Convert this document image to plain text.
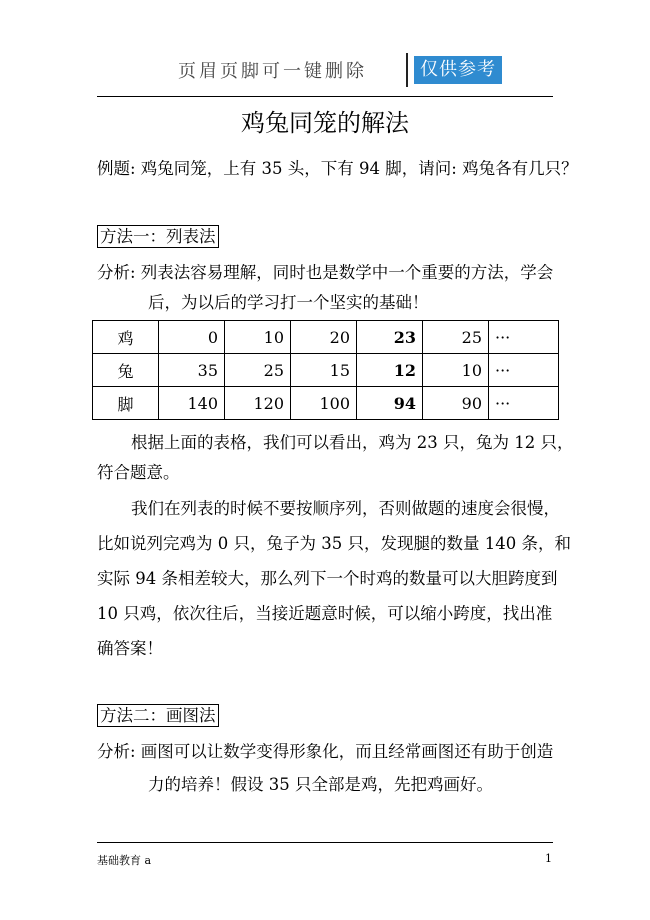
页眉页脚可一键删除	仅供参考
鸡兔同笼的解法
例题: 鸡兔同笼，上有 35 头，下有 94 脚，请问: 鸡兔各有几只？
方法一：列表法
分析: 列表法容易理解，同时也是数学中一个重要的方法，学会
后，为以后的学习打一个坚实的基础！
鸡	0	10	20	23	25	···
兔	35	25	15	12	10	···
脚	140	120	100	94	90	···
根据上面的表格，我们可以看出，鸡为 23 只，兔为 12 只，
符合题意。
我们在列表的时候不要按顺序列，否则做题的速度会很慢，
比如说列完鸡为 0 只，兔子为 35 只，发现腿的数量 140 条，和
实际 94 条相差较大，那么列下一个时鸡的数量可以大胆跨度到
10 只鸡，依次往后，当接近题意时候，可以缩小跨度，找出准
确答案！
方法二：画图法
分析: 画图可以让数学变得形象化，而且经常画图还有助于创造
力的培养！假设 35 只全部是鸡，先把鸡画好。
基础教育 a	1
